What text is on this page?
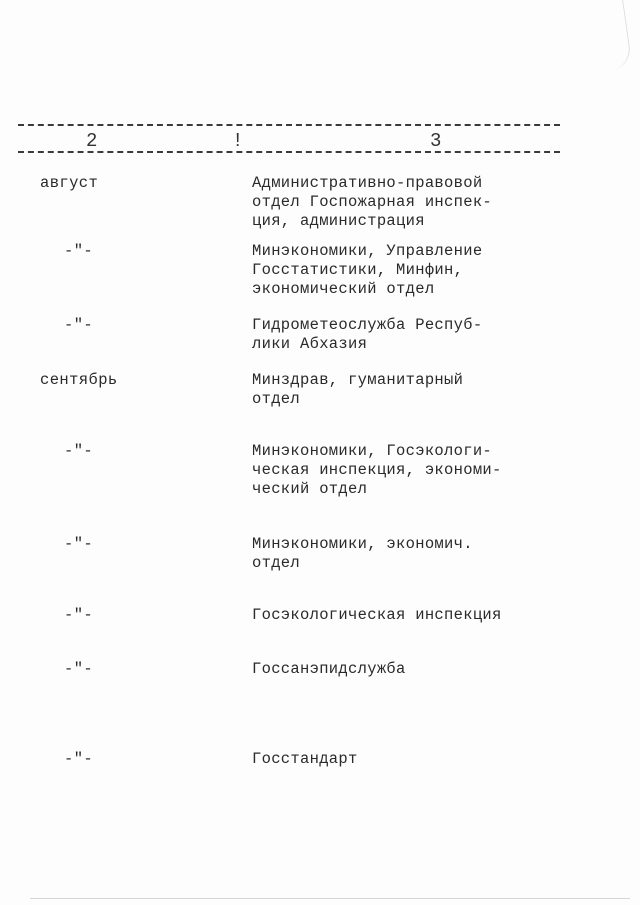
2	!	3
август	Административно-правовой
отдел Госпожарная инспек-
ция, администрация
-"-	Минэкономики, Управление
Госстатистики, Минфин,
экономический отдел
-"-	Гидрометеослужба Респуб-
лики Абхазия
сентябрь	Минздрав, гуманитарный
отдел
-"-	Минэкономики, Госэкологи-
ческая инспекция, экономи-
ческий отдел
-"-	Минэкономики, экономич.
отдел
-"-	Госэкологическая инспекция
-"-	Госсанэпидслужба
-"-	Госстандарт
